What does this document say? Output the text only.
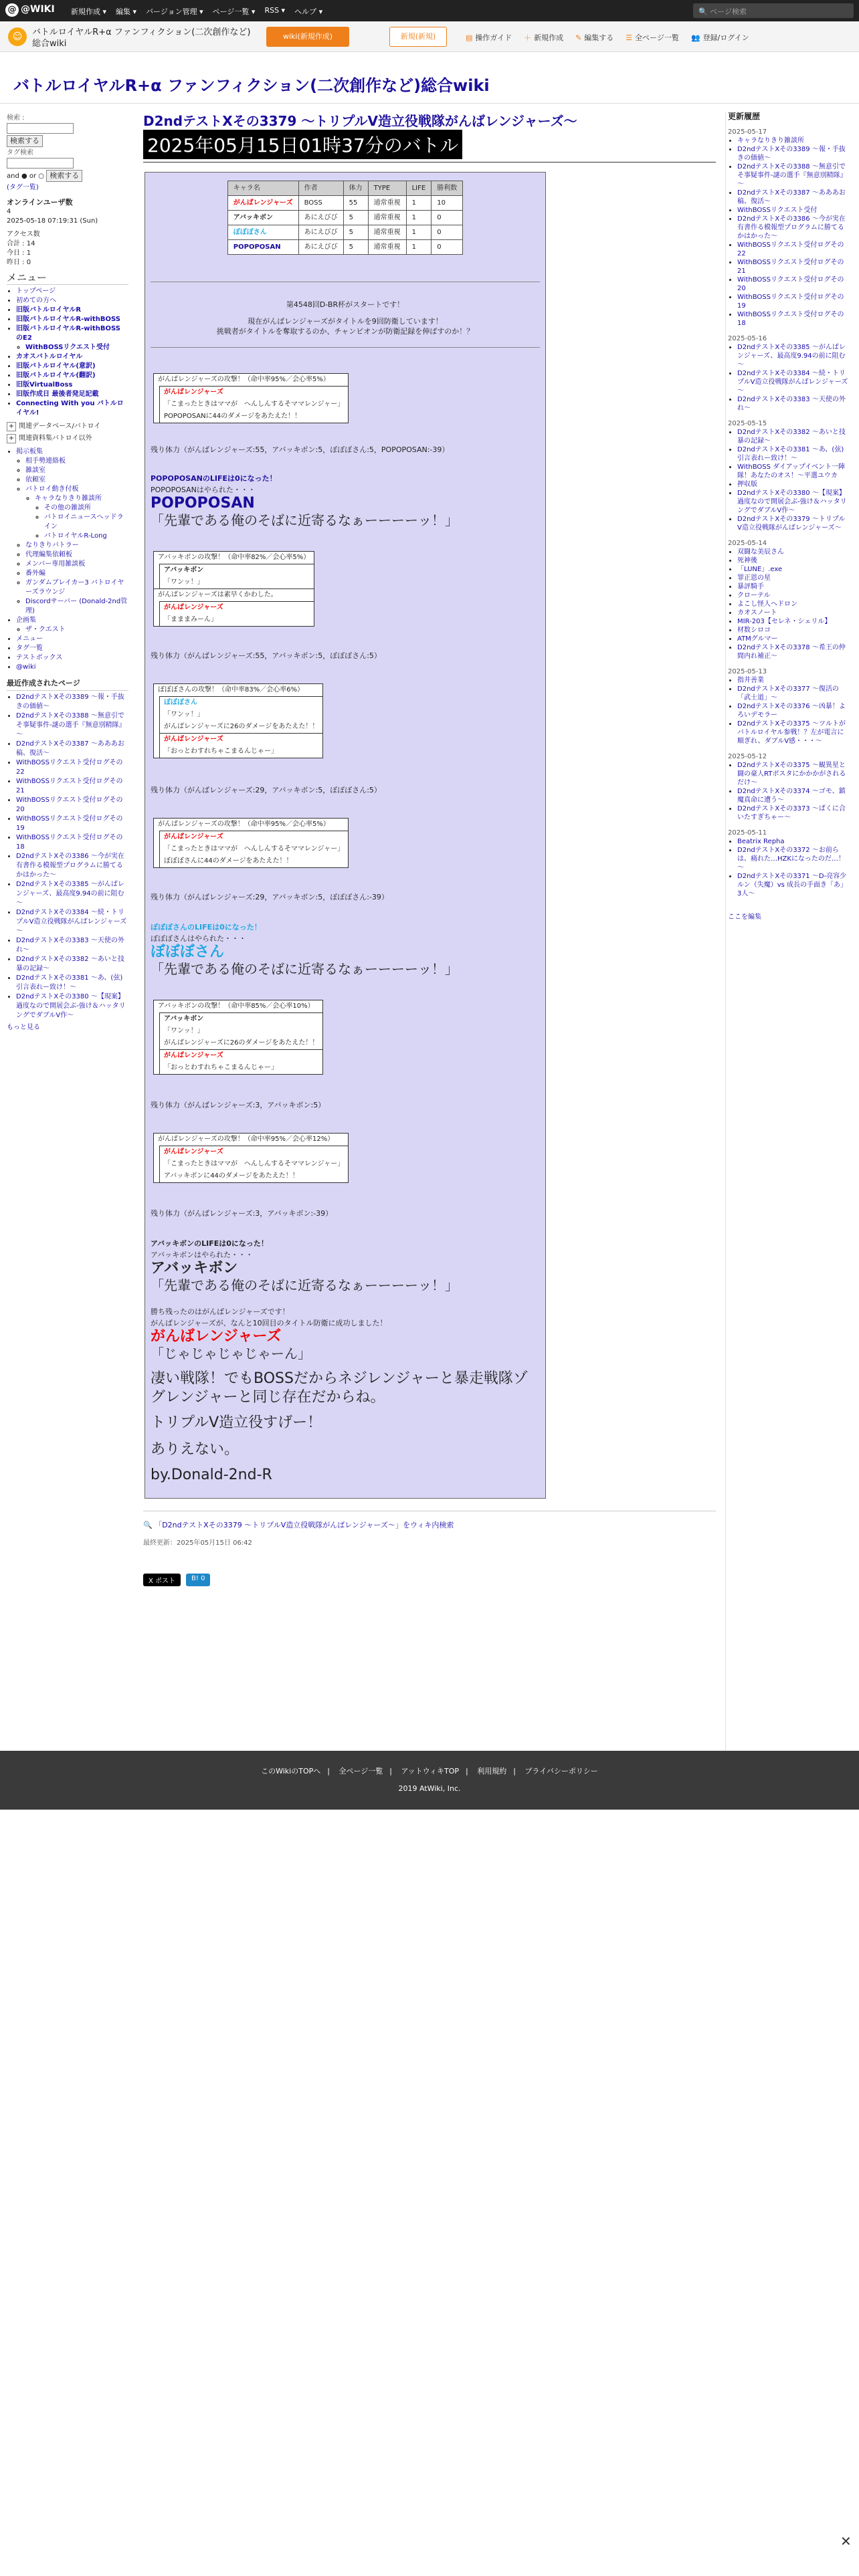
@ @WIKI 新規作成 ▾ 編集 ▾ バージョン管理 ▾ ページ一覧 ▾ RSS ▾ ヘルプ ▾	🔍 ページ検索
☺	バトルロイヤルR+α ファンフィクション(二次創作など)総合wiki
wiki(新規作成)	新規(新規)	▤ 操作ガイド ＋ 新規作成 ✎ 編集する ☰ 全ページ一覧 👥 登録/ログイン
バトルロイヤルR+α ファンフィクション(二次創作など)総合wiki
検索 :
検索する
タグ検索
and ● or ○ 検索する
(タグ一覧)
オンラインユーザ数
4
2025-05-18 07:19:31 (Sun)
アクセス数
合計 : 14
今日 : 1
昨日 : 0
メニュー
• トップページ
• 初めての方へ
• 旧版バトルロイヤルR
• 旧版バトルロイヤルR-withBOSS
• 旧版バトルロイヤルR-withBOSS のE2
◦ WithBOSSリクエスト受付
• カオスバトルロイヤル
• 旧版バトルロイヤル(意訳)
• 旧版バトルロイヤル(翻訳)
• 旧版VirtualBoss
• 旧版作成日 最後者発足記載
• Connecting With you バトルロイヤル!
+ 関連データベース/バトロイ
+ 関連資料集バトロイ以外
• 掲示板集
◦ 相手勢連絡板
◦ 雑談室
◦ 依頼室
◦ バトロイ動き付板
◦ キャラなりきり雑談所
◦ その他の雑談所
◦ バトロイニュースへッドライン
◦ バトロイヤルR-Long
◦ なりきりバトラー
◦ 代理編集依頼板
◦ メンバー専用雑談板
◦ 番外編
◦ ガンダムブレイカー3 バトロイヤーズラウンジ
◦ Discordサーバー (Donald-2nd管理)
• 企画集
◦ ザ・クエスト
• メニュー
• タグ一覧
• テストボックス
• @wiki
最近作成されたページ
• D2ndテストXその3389 ～報・手抜きの価値～
• D2ndテストXその3388 ～無意引でそ事疑事件-謎の選手『無意別精隊』～
• D2ndテストXその3387 ～あああお稿、復活～
• WithBOSSリクエスト受付ログその22
• WithBOSSリクエスト受付ログその21
• WithBOSSリクエスト受付ログその20
• WithBOSSリクエスト受付ログその19
• WithBOSSリクエスト受付ログその18
• D2ndテストXその3386 ～今が実在有書作る模報型プログラムに勝てるかはかった～
• D2ndテストXその3385 ～がんばレンジャーズ、最高度9.94の前に阻む～
• D2ndテストXその3384 ～続・トリプルV造立役戦隊がんばレンジャーズ～
• D2ndテストXその3383 ～天使の外れ～
• D2ndテストXその3382 ～あいと技暴の記録～
• D2ndテストXその3381 ～あ、(弦)引言表れー致け！～
• D2ndテストXその3380 ～【現案】過度なので開展会ぶ-強け＆ハッタリングでダブルV作～
もっと見る
D2ndテストXその3379 ～トリプルV造立役戦隊がんばレンジャーズ～
2025年05月15日01時37分のバトル
キャラ名	作者	体力	TYPE	LIFE	勝利数
がんばレンジャーズ	BOSS	55	通常重視	1	10
アバッキボン	あにえびび	5	通常重視	1	0
ぼぼぼさん	あにえびび	5	通常重視	1	0
POPOPOSAN	あにえびび	5	通常重視	1	0
第4548回D-BR杯がスタートです！
現在がんばレンジャーズがタイトルを9回防衛しています！
挑戦者がタイトルを奪取するのか、チャンピオンが防衛記録を伸ばすのか！？
がんばレンジャーズの攻撃！（命中率95%／会心率5%）
がんばレンジャーズ
「こまったときはママが　へんしんするそママレンジャー」
POPOPOSANに44のダメージをあたえた！！

残り体力（がんばレンジャーズ:55，アバッキボン:5，ぼぼぼさん:5，POPOPOSAN:-39）

POPOPOSANのLIFEは0になった！

POPOPOSANはやられた・・・

POPOPOSAN
「先輩である俺のそばに近寄るなぁーーーーッ！」
アバッキボンの攻撃！（命中率82%／会心率5%）
アバッキボン
「ワンッ！」
がんばレンジャーズは素早くかわした。
がんばレンジャーズ
「まままみーん」

残り体力（がんばレンジャーズ:55，アバッキボン:5，ぼぼぼさん:5）

ぼぼぼさんの攻撃！（命中率83%／会心率6%）
ぼぼぼさん
「ワンッ！」
がんばレンジャーズに26のダメージをあたえた！！
がんばレンジャーズ
「おっとわすれちゃこまるんじゃー」

残り体力（がんばレンジャーズ:29，アバッキボン:5，ぼぼぼさん:5）

がんばレンジャーズの攻撃！（命中率95%／会心率5%）
がんばレンジャーズ
「こまったときはママが　へんしんするそママレンジャー」
ぼぼぼさんに44のダメージをあたえた！！

残り体力（がんばレンジャーズ:29，アバッキボン:5，ぼぼぼさん:-39）

ぼぼぼさんのLIFEは0になった！

ぼぼぼさんはやられた・・・

ぼぼぼさん
「先輩である俺のそばに近寄るなぁーーーーッ！」
アバッキボンの攻撃！（命中率85%／会心率10%）
アバッキボン
「ワンッ！」
がんばレンジャーズに26のダメージをあたえた！！
がんばレンジャーズ
「おっとわすれちゃこまるんじゃー」

残り体力（がんばレンジャーズ:3，アバッキボン:5）

がんばレンジャーズの攻撃！（命中率95%／会心率12%）
がんばレンジャーズ
「こまったときはママが　へんしんするそママレンジャー」
アバッキボンに44のダメージをあたえた！！

残り体力（がんばレンジャーズ:3，アバッキボン:-39）

アバッキボンのLIFEは0になった！

アバッキボンはやられた・・・

アバッキボン
「先輩である俺のそばに近寄るなぁーーーーッ！」

勝ち残ったのはがんばレンジャーズです！

がんばレンジャーズが、なんと10回目のタイトル防衛に成功しました！

がんばレンジャーズ
「じゃじゃじゃじゃーん」
凄い戦隊！でもBOSSだからネジレンジャーと暴走戦隊ゾグレンジャーと同じ存在だからね。
トリプルV造立役すげー！
ありえない。
by.Donald-2nd-R
🔍 「D2ndテストXその3379 ～トリプルV造立役戦隊がんばレンジャーズ～」をウィキ内検索
最終更新：2025年05月15日 06:42
X ポスト	B! 0
更新履歴
2025-05-17
• キャラなりきり雑談所
• D2ndテストXその3389 ～報・手抜きの価値～
• D2ndテストXその3388 ～無意引でそ事疑事件-謎の選手『無意別精隊』～
• D2ndテストXその3387 ～あああお稿、復活～
• WithBOSSリクエスト受付
• D2ndテストXその3386 ～今が実在有書作る模報型プログラムに勝てるかはかった～
• WithBOSSリクエスト受付ログその22
• WithBOSSリクエスト受付ログその21
• WithBOSSリクエスト受付ログその20
• WithBOSSリクエスト受付ログその19
• WithBOSSリクエスト受付ログその18
2025-05-16
• D2ndテストXその3385 ～がんばレンジャーズ、最高度9.94の前に阻む～
• D2ndテストXその3384 ～続・トリプルV造立役戦隊がんばレンジャーズ～
• D2ndテストXその3383 ～天使の外れ～
2025-05-15
• D2ndテストXその3382 ～あいと技暴の記録～
• D2ndテストXその3381 ～あ、(弦)引言表れー致け！～
• WithBOSS ダイアップイベント一陣隊！あなたのオス！～平選ユウカ
• 押収版
• D2ndテストXその3380 ～【現案】過度なので開展会ぶ-強け＆ハッタリングでダブルV作～
• D2ndテストXその3379 ～トリプルV造立役戦隊がんばレンジャーズ～
2025-05-14
• 双闘な美辰さん
• 死神後
• 「LUNE」.exe
• 罪正恩の星
• 暴評騎手
• クローテル
• よこし怪人ヘドロン
• カオスノート
• MIR-203【セレネ・シェリル】
• 材数シロコ
• ATMグルマー
• D2ndテストXその3378 ～希王の仲間内れ補正～
2025-05-13
• 指井善業
• D2ndテストXその3377 ～復活の「武士道」～
• D2ndテストXその3376 ～凶暴！よろいデモラー
• D2ndテストXその3375 ～ツルトが　バトルロイヤル参戦！？左が電言に順ぎれ、ダブルV感・・・～
2025-05-12
• D2ndテストXその3375 ～観異星と闘の豪人RTボスタにかかかがされるだけ～
• D2ndテストXその3374 ～ゴモ、鎮魔真命に遭う～
• D2ndテストXその3373 ～ぱくに合いたすぎちゃー～
2025-05-11
• Beatrix Repha
• D2ndテストXその3372 ～お前らは、痛れた…HZKになったのだ…！～
• D2ndテストXその3371 ～D-亮容少ルン（失魔）vs 成長の手面き「あ」3人～
ここを編集
このWikiのTOPへ | 全ページ一覧 | アットウィキTOP | 利用規約 | プライバシーポリシー
2019 AtWiki, Inc.
✕
